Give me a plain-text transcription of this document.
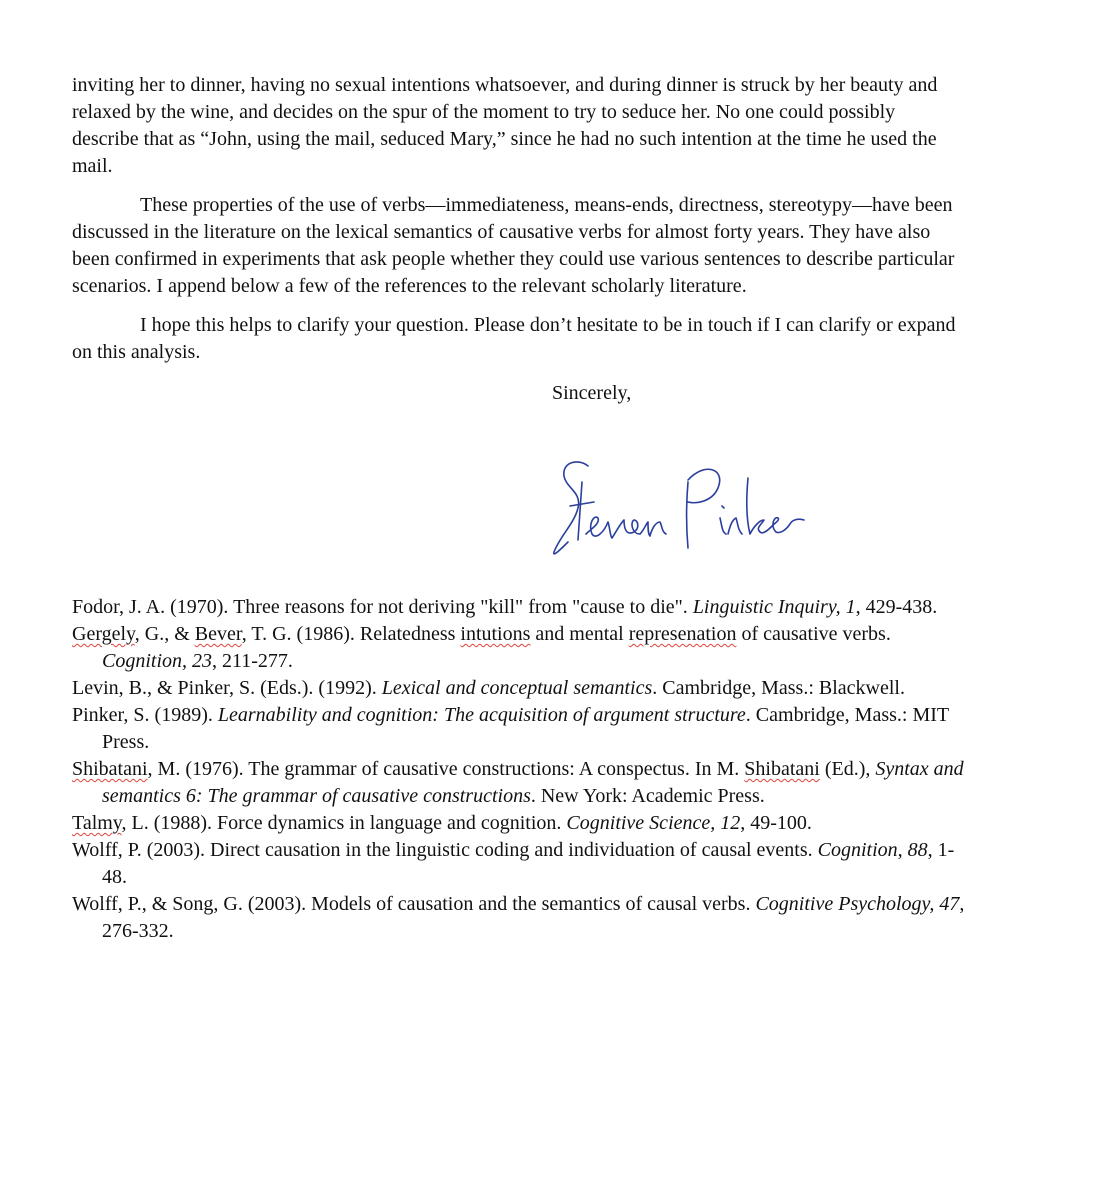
inviting her to dinner, having no sexual intentions whatsoever, and during dinner is struck by her beauty and relaxed by the wine, and decides on the spur of the moment to try to seduce her. No one could possibly describe that as “John, using the mail, seduced Mary,” since he had no such intention at the time he used the mail.

These properties of the use of verbs—immediateness, means-ends, directness, stereotypy—have been discussed in the literature on the lexical semantics of causative verbs for almost forty years. They have also been confirmed in experiments that ask people whether they could use various sentences to describe particular scenarios. I append below a few of the references to the relevant scholarly literature.

I hope this helps to clarify your question. Please don’t hesitate to be in touch if I can clarify or expand on this analysis.

Sincerely,

Fodor, J. A. (1970). Three reasons for not deriving "kill" from "cause to die". Linguistic Inquiry, 1, 429-438.

Gergely, G., & Bever, T. G. (1986). Relatedness intutions and mental represenation of causative verbs. Cognition, 23, 211-277.

Levin, B., & Pinker, S. (Eds.). (1992). Lexical and conceptual semantics. Cambridge, Mass.: Blackwell.

Pinker, S. (1989). Learnability and cognition: The acquisition of argument structure. Cambridge, Mass.: MIT Press.

Shibatani, M. (1976). The grammar of causative constructions: A conspectus. In M. Shibatani (Ed.), Syntax and semantics 6: The grammar of causative constructions. New York: Academic Press.

Talmy, L. (1988). Force dynamics in language and cognition. Cognitive Science, 12, 49-100.

Wolff, P. (2003). Direct causation in the linguistic coding and individuation of causal events. Cognition, 88, 1-48.

Wolff, P., & Song, G. (2003). Models of causation and the semantics of causal verbs. Cognitive Psychology, 47, 276-332.
